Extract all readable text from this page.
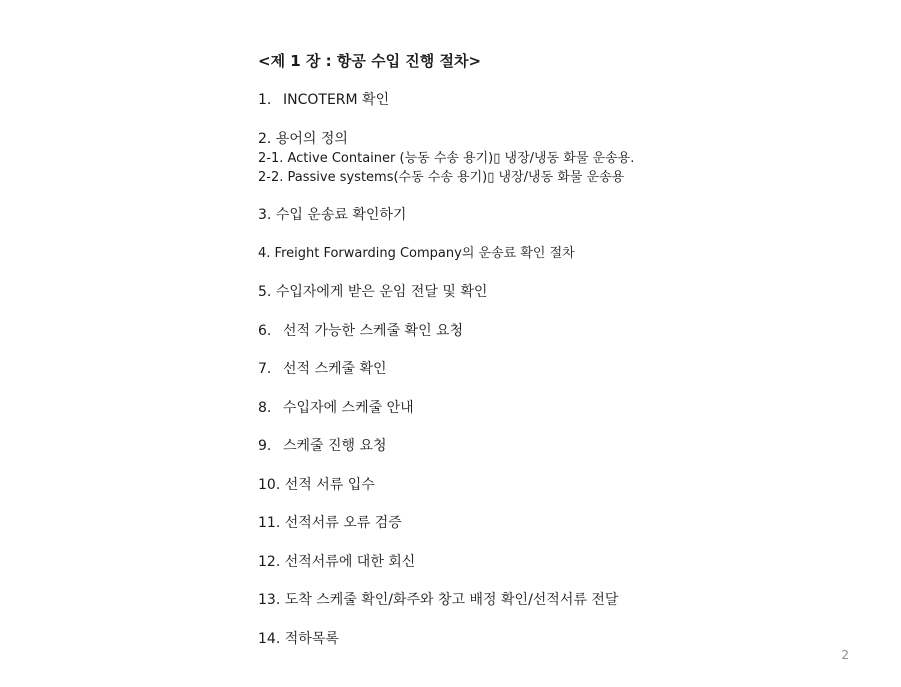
<제 1 장 : 항공 수입 진행 절차>
1. INCOTERM 확인
2. 용어의 정의
2-1. Active Container (능동 수송 용기)▯ 냉장/냉동 화물 운송용.
2-2. Passive systems(수동 수송 용기)▯ 냉장/냉동 화물 운송용
3. 수입 운송료 확인하기
4. Freight Forwarding Company의 운송료 확인 절차
5. 수입자에게 받은 운임 전달 및 확인
6. 선적 가능한 스케줄 확인 요청
7. 선적 스케줄 확인
8. 수입자에 스케줄 안내
9. 스케줄 진행 요청
10. 선적 서류 입수
11. 선적서류 오류 검증
12. 선적서류에 대한 회신
13. 도착 스케줄 확인/화주와 창고 배정 확인/선적서류 전달
14. 적하목록
2
